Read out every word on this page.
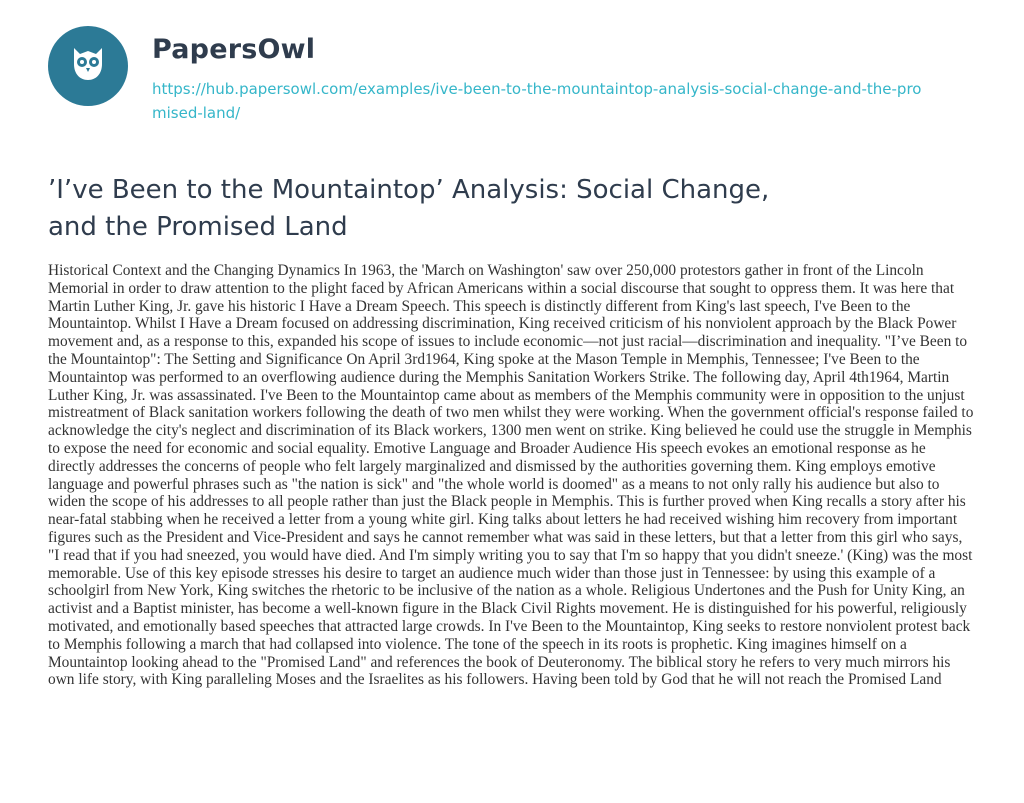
PapersOwl
https://hub.papersowl.com/examples/ive-been-to-the-mountaintop-analysis-social-change-and-the-promised-land/
’I’ve Been to the Mountaintop’ Analysis: Social Change, and the Promised Land

Historical Context and the Changing Dynamics In 1963, the 'March on Washington' saw over 250,000 protestors gather in front of the Lincoln Memorial in order to draw attention to the plight faced by African Americans within a social discourse that sought to oppress them. It was here that Martin Luther King, Jr. gave his historic I Have a Dream Speech. This speech is distinctly different from King's last speech, I've Been to the Mountaintop. Whilst I Have a Dream focused on addressing discrimination, King received criticism of his nonviolent approach by the Black Power movement and, as a response to this, expanded his scope of issues to include economic—not just racial—discrimination and inequality. "I’ve Been to the Mountaintop": The Setting and Significance On April 3rd1964, King spoke at the Mason Temple in Memphis, Tennessee; I've Been to the Mountaintop was performed to an overflowing audience during the Memphis Sanitation Workers Strike. The following day, April 4th1964, Martin Luther King, Jr. was assassinated. I've Been to the Mountaintop came about as members of the Memphis community were in opposition to the unjust mistreatment of Black sanitation workers following the death of two men whilst they were working. When the government official's response failed to acknowledge the city's neglect and discrimination of its Black workers, 1300 men went on strike. King believed he could use the struggle in Memphis to expose the need for economic and social equality. Emotive Language and Broader Audience His speech evokes an emotional response as he directly addresses the concerns of people who felt largely marginalized and dismissed by the authorities governing them. King employs emotive language and powerful phrases such as "the nation is sick" and "the whole world is doomed" as a means to not only rally his audience but also to widen the scope of his addresses to all people rather than just the Black people in Memphis. This is further proved when King recalls a story after his near-fatal stabbing when he received a letter from a young white girl. King talks about letters he had received wishing him recovery from important figures such as the President and Vice-President and says he cannot remember what was said in these letters, but that a letter from this girl who says, "I read that if you had sneezed, you would have died. And I'm simply writing you to say that I'm so happy that you didn't sneeze.' (King) was the most memorable. Use of this key episode stresses his desire to target an audience much wider than those just in Tennessee: by using this example of a schoolgirl from New York, King switches the rhetoric to be inclusive of the nation as a whole. Religious Undertones and the Push for Unity King, an activist and a Baptist minister, has become a well-known figure in the Black Civil Rights movement. He is distinguished for his powerful, religiously motivated, and emotionally based speeches that attracted large crowds. In I've Been to the Mountaintop, King seeks to restore nonviolent protest back to Memphis following a march that had collapsed into violence. The tone of the speech in its roots is prophetic. King imagines himself on a Mountaintop looking ahead to the "Promised Land" and references the book of Deuteronomy. The biblical story he refers to very much mirrors his own life story, with King paralleling Moses and the Israelites as his followers. Having been told by God that he will not reach the Promised Land
